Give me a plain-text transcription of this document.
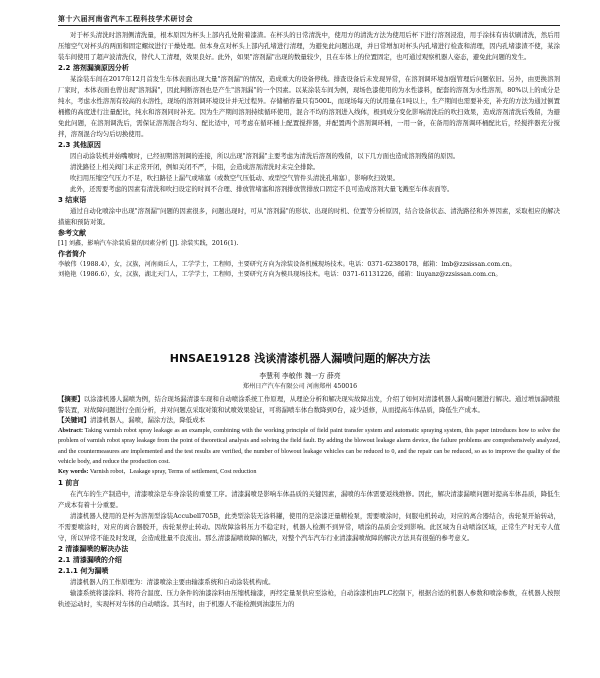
第十六届河南省汽车工程科技学术研讨会

对于杯头清洗时溶剂侧清洗量，根本原因为杯头上部内孔处附着漆渣。在杯头的日常清洗中，使用方的清洗方法为使用后杯下进行溶剂浸泡，用手涂抹有齿状刷清洗，然后用压缩空气对杯头的两面和固定螺纹进行干燥处理。但本身点对杯头上部内孔堵进行清理，为避免此问题出现，并日常增加对杯头内孔堵进行检查和清理，因内孔堵漆渣不使，某涂装车间使用了超声波清洗仪，替代人工清理，效果良好。此外，如果"溶剂漏"出现的数量较少，且在车体上的位置固定，也可通过观察机器人姿态，避免此问题的发生。

2.2 溶剂漏滴原因分析

某涂装车间在2017年12月首发生车体表面出现大量"溶剂漏"的情况，造成重大的设备停线。排查设备后未发现异常，在溶剂调环境加强管理后问题依旧。另外，由更换溶剂厂家时，本体表面也曾出现"溶剂漏"，因此判断溶剂也是产生"溶剂漏"的一个因素。以某涂装车间为例，现场色漆使用的为水性漆料，配套的溶剂为水性溶剂，80%以上的成分是纯水，考虑水性溶剂有较高的水溶性，现场的溶剂调环境设计并无过程异。存储桶容量只有500L，而现场每天的试用量在1吨以上，生产期间也需要补充，补充的方法为通过倒置桶搬的高度进行注量配比，纯水和溶剂同时补充。因为生产期间溶剂持续循环使用，混合不均的溶剂进入线体，极到成分变化影响清洗后的吹扫效果，造成溶剂清洗后残留，为避免此问题，在溶剂调洗后，需保证溶剂混合均匀、配比适中，可考虑在循环桶上配置搅拌器，并配置两个溶剂调环桶，一用一备，在备用的溶剂调环桶配比后，经搅拌器充分搅拌，溶剂混合均匀后切换使用。

2.3 其他原因

因自动涂装机并始嘴喷时，已经初期溶剂调的连接，所以出现"溶剂漏"主要考虑为清洗后溶剂的残留，以下几方面也造成溶剂残留的原因。

清洗路径上相关阀门未正常开闭，例如关闭不严，卡阻，会造成溶剂清洗时未完全排除。

吹扫用压缩空气压力不足，吹扫路径上漏气或堵塞（或数空气压低动、或型空气管件头清洗孔堵塞），影响吹扫效果。

此外，还需要考虑的因素有清洗和吹扫设定的时间不合理、排放管堵塞和溶剂排放管排放口固定不良可造成溶剂大量飞溅至车体表面等。

3 结束语

通过自动化喷涂中出现"溶剂漏"问题的因素很多，问题出现时，可从"溶剂漏"的形状、出现的时机、位置等分析原因，结合设备状态、清洗路径和外界因素，采取相应的解决措施和预防对策。

参考文献

[1] 刘鑫，影响汽车涂装质量的因素分析 [J]. 涂装实践，2016(1).

作者简介

李敏伟（1988.4），女，汉族，河南商丘人，工学学士，工程师，主要研究方向为涂装设备机械现场技术。电话：0371-62380178，邮箱：lmb@zzsissan.com.cn。

刘艳艳（1986.6），女，汉族，湖北天门人，工学学士，工程师，主要研究方向为模具现场技术。电话：0371-61131226，邮箱：liuyanz@zzsissan.com.cn。

HNSAE19128 浅谈清漆机器人漏喷问题的解决方法
李慧利 李敏伟 魏一方 薛亮
郑州日产汽车有限公司 河南郑州 450016

【摘要】以涂漆机器人漏喷为例，结合现场漏清漆车现和自动喷涂系统工作原理，从理论分析和解决现实故障出发，介绍了如何对清漆机器人漏喷问题进行解决。通过增加漏喷报警装置，对故障问题进行全面分析，并对问题点采取对策和试喷效果验证，可将漏喷车体台数降到0台，减少返修，从而提高车体品质，降低生产成本。

【关键词】清漆机器人，漏喷，漏涂方法，降低成本

Abstract: Taking varnish robot spray leakage as an example, combining with the working principle of field paint transfer system and automatic spraying system, this paper introduces how to solve the problem of varnish robot spray leakage from the point of theoretical analysis and solving the field fault. By adding the blowout leakage alarm device, the failure problems are comprehensively analyzed, and the countermeasures are implemented and the test results are verified, the number of blowout leakage vehicles can be reduced to 0, and the repair can be reduced, so as to improve the quality of the vehicle body, and reduce the production cost.

Key words: Varnish robot，Leakage spray, Terms of settlement, Cost reduction

1 前言

在汽车的生产制造中，清漆喷涂是车身涂装的重要工序。清漆漏喷是影响车体品质的关键因素，漏喷的车体需要返线维修。因此，解决清漆漏喷问题对提高车体品质，降低生产成本有着十分重要。

清漆机器人使用的是杯为溶剂型涂装Accubell705B，此类型涂装无涂料罐，使用的是涂漆迂量精检泵，需要喷涂时，伺服电机转动，对应的离合器结合，齿轮泵开始转动，不需要喷涂时，对应的离合器脱开，齿轮泵停止转动。因故障涂料压力不稳定时，机器人检测不到异常，喷涂的品质会受到影响。此区域为自动喷涂区域，正常生产时无专人值守，所以异常不能及时发现，会造成批量不良流出。那么清漆漏喷故障的解决，对整个汽车汽车行业清漆漏喷故障的解决方法具有很强的参考意义。

2 清漆漏喷的解决办法

2.1 清漆漏喷的介绍

2.1.1 何为漏喷

清漆机器人的工作原理为：清漆喷涂主要由输漆系统和自动涂装机构成。

输漆系统将漆涂料、将符合温度、压力条件的油漆涂料由压缩机输漆，再经定量泵供应至涂枪，自动涂漆机由PLC控制下，根据合适的机器人参数和喷涂参数，在机器人按照轨迹运动时，实现杯对车体的自动喷涂。其当时，由于机器人不能检测到油漆压力的
